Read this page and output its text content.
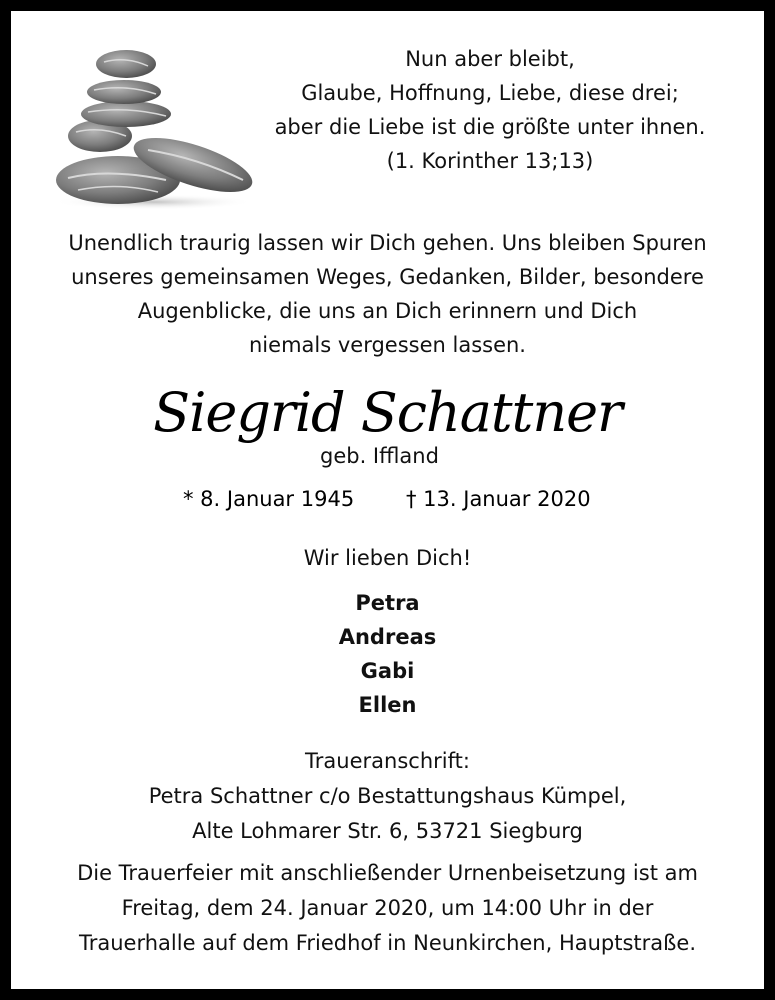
Nun aber bleibt,
Glaube, Hoffnung, Liebe, diese drei;
aber die Liebe ist die größte unter ihnen.
(1. Korinther 13;13)
Unendlich traurig lassen wir Dich gehen. Uns bleiben Spuren
unseres gemeinsamen Weges, Gedanken, Bilder, besondere
Augenblicke, die uns an Dich erinnern und Dich
niemals vergessen lassen.
Siegrid Schattner
geb. Iffland
* 8. Januar 1945 † 13. Januar 2020
Wir lieben Dich!
Petra
Andreas
Gabi
Ellen
Traueranschrift:
Petra Schattner c/o Bestattungshaus Kümpel,
Alte Lohmarer Str. 6, 53721 Siegburg
Die Trauerfeier mit anschließender Urnenbeisetzung ist am
Freitag, dem 24. Januar 2020, um 14:00 Uhr in der
Trauerhalle auf dem Friedhof in Neunkirchen, Hauptstraße.
